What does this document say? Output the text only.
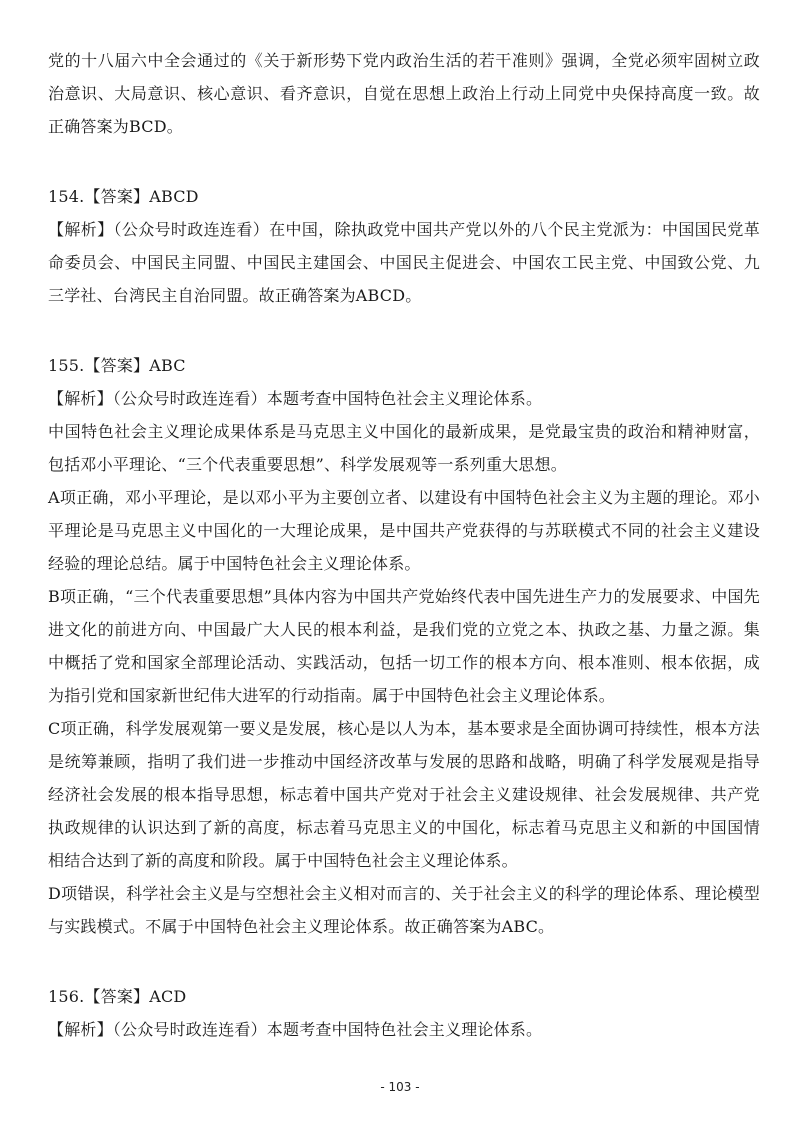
党的十八届六中全会通过的《关于新形势下党内政治生活的若干准则》强调，全党必须牢固树立政治意识、大局意识、核心意识、看齐意识，自觉在思想上政治上行动上同党中央保持高度一致。故正确答案为BCD。

154.【答案】ABCD

【解析】（公众号时政连连看）在中国，除执政党中国共产党以外的八个民主党派为：中国国民党革命委员会、中国民主同盟、中国民主建国会、中国民主促进会、中国农工民主党、中国致公党、九三学社、台湾民主自治同盟。故正确答案为ABCD。

155.【答案】ABC

【解析】（公众号时政连连看）本题考查中国特色社会主义理论体系。

中国特色社会主义理论成果体系是马克思主义中国化的最新成果，是党最宝贵的政治和精神财富，包括邓小平理论、“三个代表重要思想”、科学发展观等一系列重大思想。

A项正确，邓小平理论，是以邓小平为主要创立者、以建设有中国特色社会主义为主题的理论。邓小平理论是马克思主义中国化的一大理论成果，是中国共产党获得的与苏联模式不同的社会主义建设经验的理论总结。属于中国特色社会主义理论体系。

B项正确，“三个代表重要思想”具体内容为中国共产党始终代表中国先进生产力的发展要求、中国先进文化的前进方向、中国最广大人民的根本利益，是我们党的立党之本、执政之基、力量之源。集中概括了党和国家全部理论活动、实践活动，包括一切工作的根本方向、根本准则、根本依据，成为指引党和国家新世纪伟大进军的行动指南。属于中国特色社会主义理论体系。

C项正确，科学发展观第一要义是发展，核心是以人为本，基本要求是全面协调可持续性，根本方法是统筹兼顾，指明了我们进一步推动中国经济改革与发展的思路和战略，明确了科学发展观是指导经济社会发展的根本指导思想，标志着中国共产党对于社会主义建设规律、社会发展规律、共产党执政规律的认识达到了新的高度，标志着马克思主义的中国化，标志着马克思主义和新的中国国情相结合达到了新的高度和阶段。属于中国特色社会主义理论体系。

D项错误，科学社会主义是与空想社会主义相对而言的、关于社会主义的科学的理论体系、理论模型与实践模式。不属于中国特色社会主义理论体系。故正确答案为ABC。

156.【答案】ACD

【解析】（公众号时政连连看）本题考查中国特色社会主义理论体系。

- 103 -
